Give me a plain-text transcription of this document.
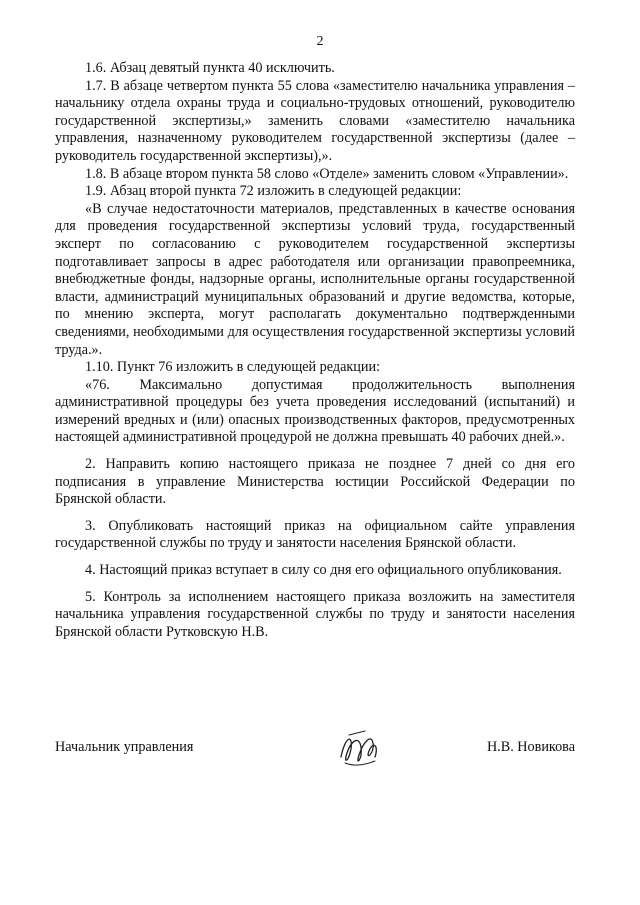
2

1.6. Абзац девятый пункта 40 исключить.

1.7. В абзаце четвертом пункта 55 слова «заместителю начальника управления – начальнику отдела охраны труда и социально-трудовых отношений, руководителю государственной экспертизы,» заменить словами «заместителю начальника управления, назначенному руководителем государственной экспертизы (далее – руководитель государственной экспертизы),».

1.8. В абзаце втором пункта 58 слово «Отделе» заменить словом «Управлении».

1.9. Абзац второй пункта 72 изложить в следующей редакции:

«В случае недостаточности материалов, представленных в качестве основания для проведения государственной экспертизы условий труда, государственный эксперт по согласованию с руководителем государственной экспертизы подготавливает запросы в адрес работодателя или организации правопреемника, внебюджетные фонды, надзорные органы, исполнительные органы государственной власти, администраций муниципальных образований и другие ведомства, которые, по мнению эксперта, могут располагать документально подтвержденными сведениями, необходимыми для осуществления государственной экспертизы условий труда.».

1.10. Пункт 76 изложить в следующей редакции:

«76. Максимально допустимая продолжительность выполнения административной процедуры без учета проведения исследований (испытаний) и измерений вредных и (или) опасных производственных факторов, предусмотренных настоящей административной процедурой не должна превышать 40 рабочих дней.».

2. Направить копию настоящего приказа не позднее 7 дней со дня его подписания в управление Министерства юстиции Российской Федерации по Брянской области.

3. Опубликовать настоящий приказ на официальном сайте управления государственной службы по труду и занятости населения Брянской области.

4. Настоящий приказ вступает в силу со дня его официального опубликования.

5. Контроль за исполнением настоящего приказа возложить на заместителя начальника управления государственной службы по труду и занятости населения Брянской области Рутковскую Н.В.

Начальник управления	Н.В. Новикова
